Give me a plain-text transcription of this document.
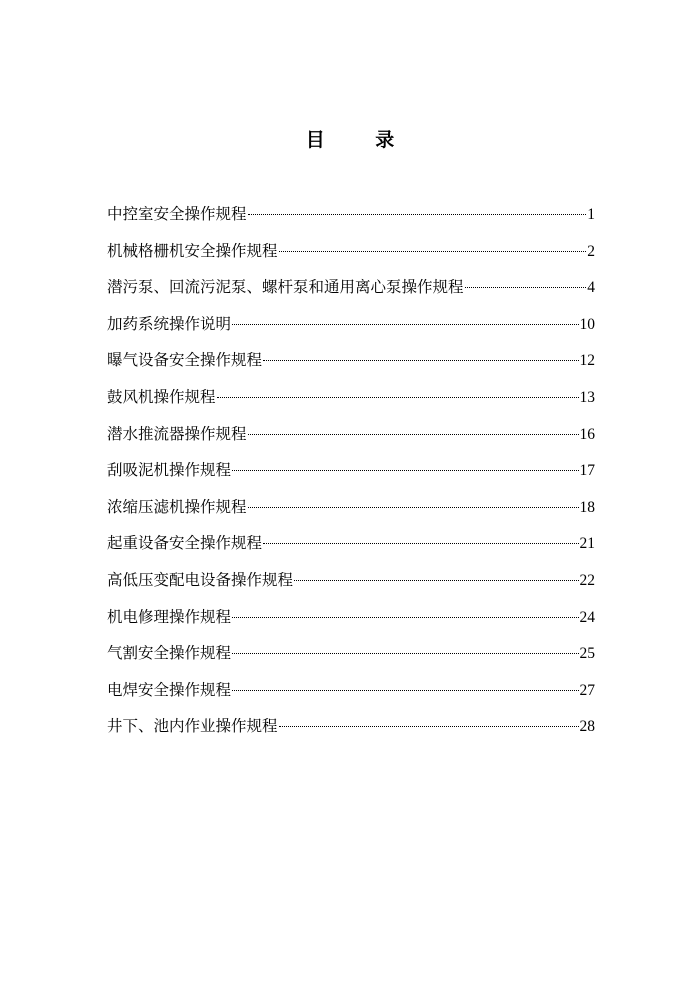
目 录
中控室安全操作规程	1
机械格栅机安全操作规程	2
潜污泵、回流污泥泵、螺杆泵和通用离心泵操作规程	4
加药系统操作说明	10
曝气设备安全操作规程	12
鼓风机操作规程	13
潜水推流器操作规程	16
刮吸泥机操作规程	17
浓缩压滤机操作规程	18
起重设备安全操作规程	21
高低压变配电设备操作规程	22
机电修理操作规程	24
气割安全操作规程	25
电焊安全操作规程	27
井下、池内作业操作规程	28
